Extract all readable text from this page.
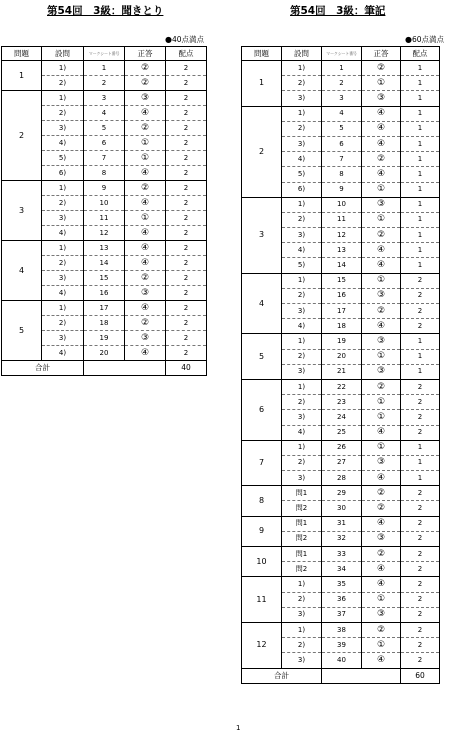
第54回　3級：聞きとり	第54回　3級：筆記
●40点満点	●60点満点
問題	設問	マークシート番号	正答	配点
1	1)	1	②	2
	2)	2	②	2
2	1)	3	③	2
	2)	4	④	2
	3)	5	②	2
	4)	6	①	2
	5)	7	①	2
	6)	8	④	2
3	1)	9	②	2
	2)	10	④	2
	3)	11	①	2
	4)	12	④	2
4	1)	13	④	2
	2)	14	④	2
	3)	15	②	2
	4)	16	③	2
5	1)	17	④	2
	2)	18	②	2
	3)	19	③	2
	4)	20	④	2
合計				40
問題	設問	マークシート番号	正答	配点
1	1)	1	②	1
	2)	2	①	1
	3)	3	③	1
2	1)	4	④	1
	2)	5	④	1
	3)	6	④	1
	4)	7	②	1
	5)	8	④	1
	6)	9	①	1
3	1)	10	③	1
	2)	11	①	1
	3)	12	②	1
	4)	13	④	1
	5)	14	④	1
4	1)	15	①	2
	2)	16	③	2
	3)	17	②	2
	4)	18	④	2
5	1)	19	③	1
	2)	20	①	1
	3)	21	③	1
6	1)	22	②	2
	2)	23	①	2
	3)	24	①	2
	4)	25	④	2
7	1)	26	①	1
	2)	27	③	1
	3)	28	④	1
8	問1	29	②	2
	問2	30	②	2
9	問1	31	④	2
	問2	32	③	2
10	問1	33	②	2
	問2	34	④	2
11	1)	35	④	2
	2)	36	①	2
	3)	37	③	2
12	1)	38	②	2
	2)	39	①	2
	3)	40	④	2
合計				60
1
